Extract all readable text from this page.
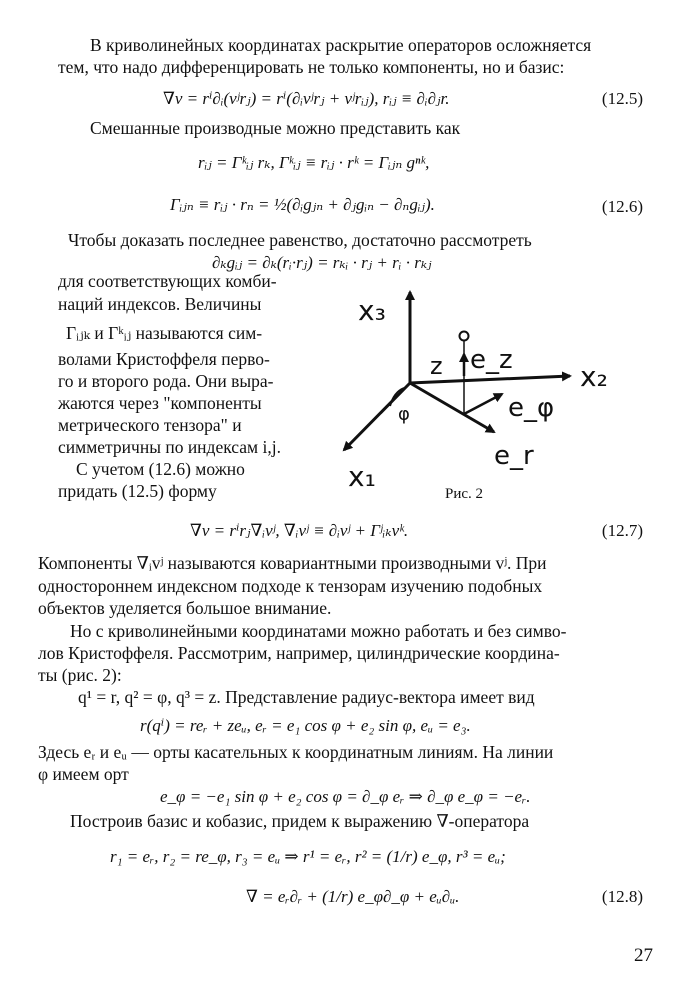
В криволинейных координатах раскрытие операторов осложняется
тем, что надо дифференцировать не только компоненты, но и базис:
∇v = rⁱ∂ᵢ(vʲrⱼ) = rⁱ(∂ᵢvʲrⱼ + vʲrᵢⱼ), rᵢⱼ ≡ ∂ᵢ∂ⱼr.	(12.5)
Смешанные производные можно представить как
rᵢⱼ = Γᵏᵢⱼ rₖ, Γᵏᵢⱼ ≡ rᵢⱼ · rᵏ = Γᵢⱼₙ gⁿᵏ,
Γᵢⱼₙ ≡ rᵢⱼ · rₙ = ½(∂ᵢgⱼₙ + ∂ⱼgᵢₙ − ∂ₙgᵢⱼ).	(12.6)
Чтобы доказать последнее равенство, достаточно рассмотреть
∂ₖgᵢⱼ = ∂ₖ(rᵢ·rⱼ) = rₖᵢ · rⱼ + rᵢ · rₖⱼ
для соответствующих комби-
наций индексов. Величины
Γᵢⱼₖ и Γᵏᵢⱼ называются сим-
волами Кристоффеля перво-
го и второго рода. Они выра-
жаются через "компоненты
метрического тензора" и
симметричны по индексам i,j.
С учетом (12.6) можно
придать (12.5) форму
x₃
x₂
x₁
z e_z
e_φ
e_r
φ
Рис. 2
∇v = rⁱrⱼ∇ᵢvʲ, ∇ᵢvʲ ≡ ∂ᵢvʲ + Γʲᵢₖvᵏ.	(12.7)
Компоненты ∇ᵢvʲ называются ковариантными производными vʲ. При
одностороннем индексном подходе к тензорам изучению подобных
объектов уделяется большое внимание.
Но с криволинейными координатами можно работать и без симво-
лов Кристоффеля. Рассмотрим, например, цилиндрические координа-
ты (рис. 2):
q¹ = r, q² = φ, q³ = z. Представление радиус-вектора имеет вид
r(qⁱ) = reᵣ + zeᵤ, eᵣ = e₁ cos φ + e₂ sin φ, eᵤ = e₃.
Здесь eᵣ и eᵤ — орты касательных к координатным линиям. На линии
φ имеем орт
e_φ = −e₁ sin φ + e₂ cos φ = ∂_φ eᵣ ⇒ ∂_φ e_φ = −eᵣ.
Построив базис и кобазис, придем к выражению ∇-оператора
r₁ = eᵣ, r₂ = re_φ, r₃ = eᵤ ⇒ r¹ = eᵣ, r² = (1/r) e_φ, r³ = eᵤ;
∇ = eᵣ∂ᵣ + (1/r) e_φ∂_φ + eᵤ∂ᵤ.	(12.8)
27
